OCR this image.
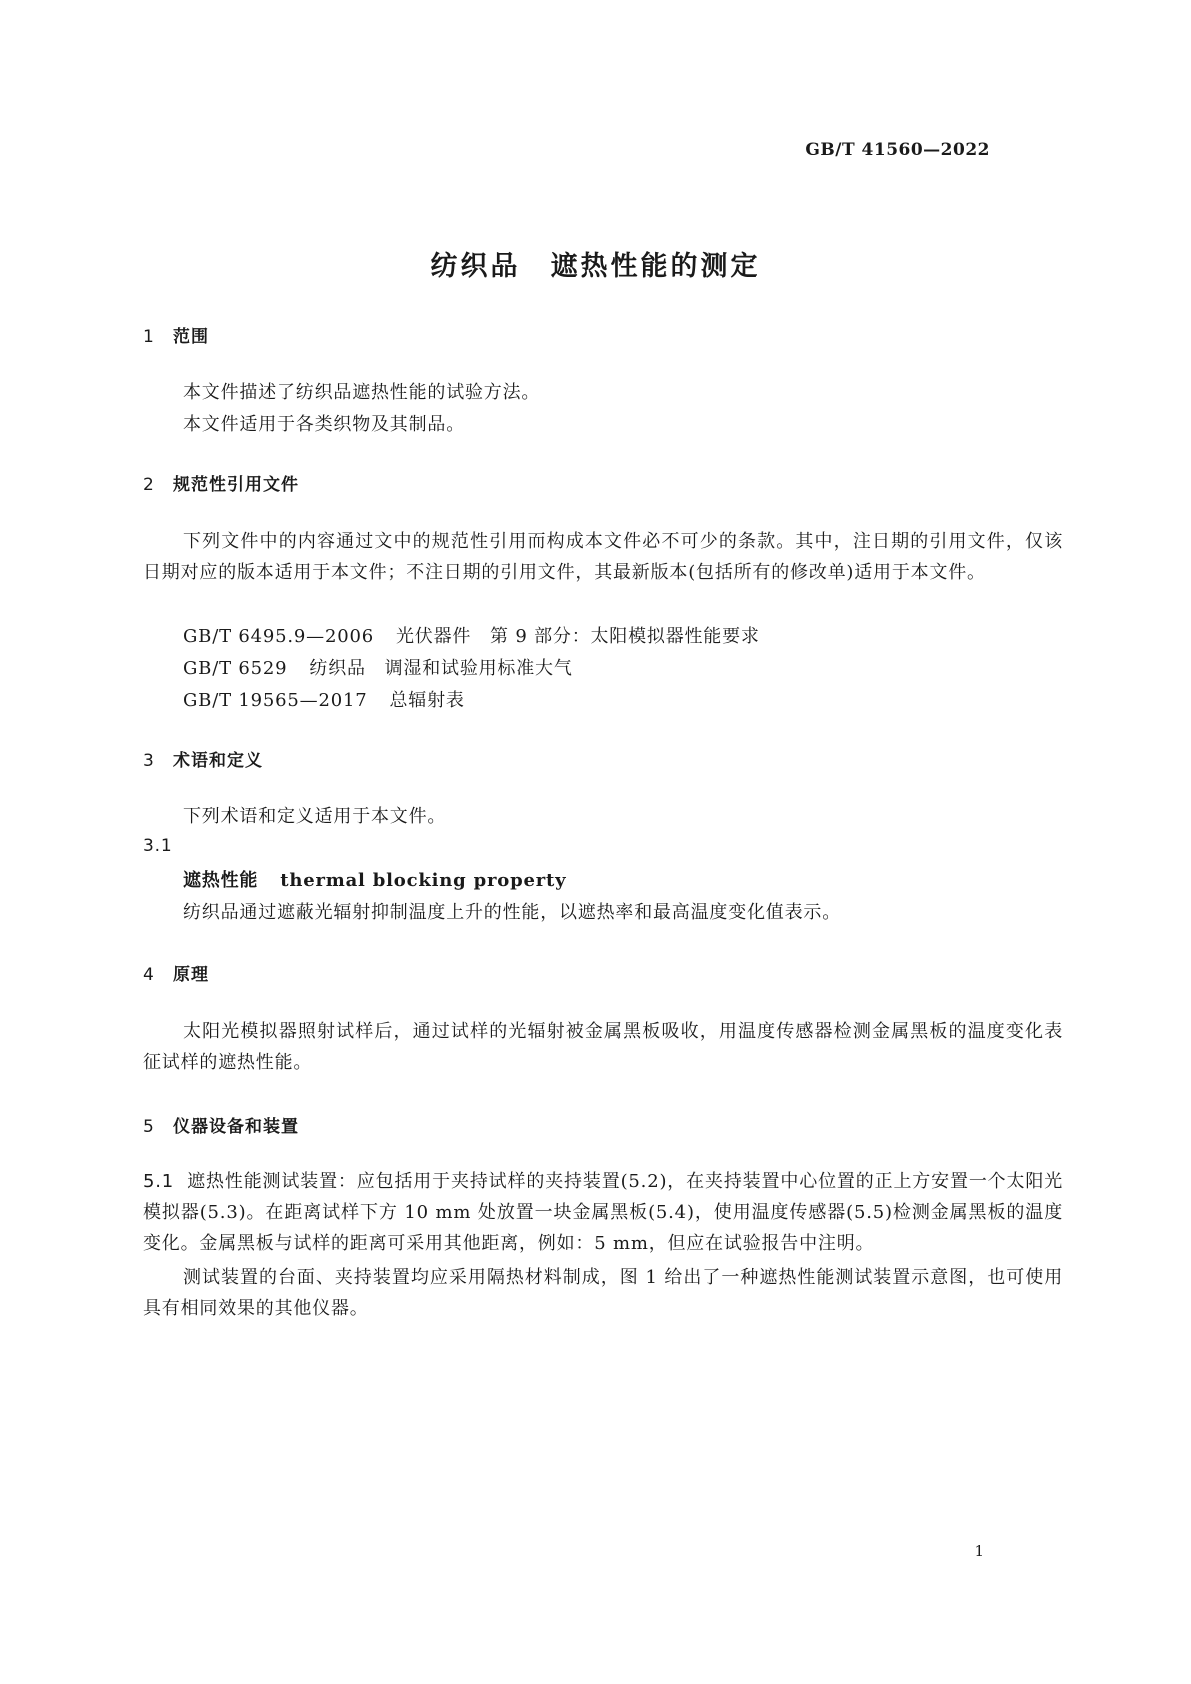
GB/T 41560—2022
纺织品　遮热性能的测定
1 范围
本文件描述了纺织品遮热性能的试验方法。
本文件适用于各类织物及其制品。
2 规范性引用文件
下列文件中的内容通过文中的规范性引用而构成本文件必不可少的条款。其中，注日期的引用文件，仅该日期对应的版本适用于本文件；不注日期的引用文件，其最新版本(包括所有的修改单)适用于本文件。
GB/T 6495.9—2006 光伏器件　第 9 部分：太阳模拟器性能要求
GB/T 6529 纺织品　调湿和试验用标准大气
GB/T 19565—2017 总辐射表
3 术语和定义
下列术语和定义适用于本文件。
3.1
遮热性能 thermal blocking property
纺织品通过遮蔽光辐射抑制温度上升的性能，以遮热率和最高温度变化值表示。
4 原理
太阳光模拟器照射试样后，通过试样的光辐射被金属黑板吸收，用温度传感器检测金属黑板的温度变化表征试样的遮热性能。
5 仪器设备和装置
5.1 遮热性能测试装置：应包括用于夹持试样的夹持装置(5.2)，在夹持装置中心位置的正上方安置一个太阳光模拟器(5.3)。在距离试样下方 10 mm 处放置一块金属黑板(5.4)，使用温度传感器(5.5)检测金属黑板的温度变化。金属黑板与试样的距离可采用其他距离，例如：5 mm，但应在试验报告中注明。
测试装置的台面、夹持装置均应采用隔热材料制成，图 1 给出了一种遮热性能测试装置示意图，也可使用具有相同效果的其他仪器。
1
